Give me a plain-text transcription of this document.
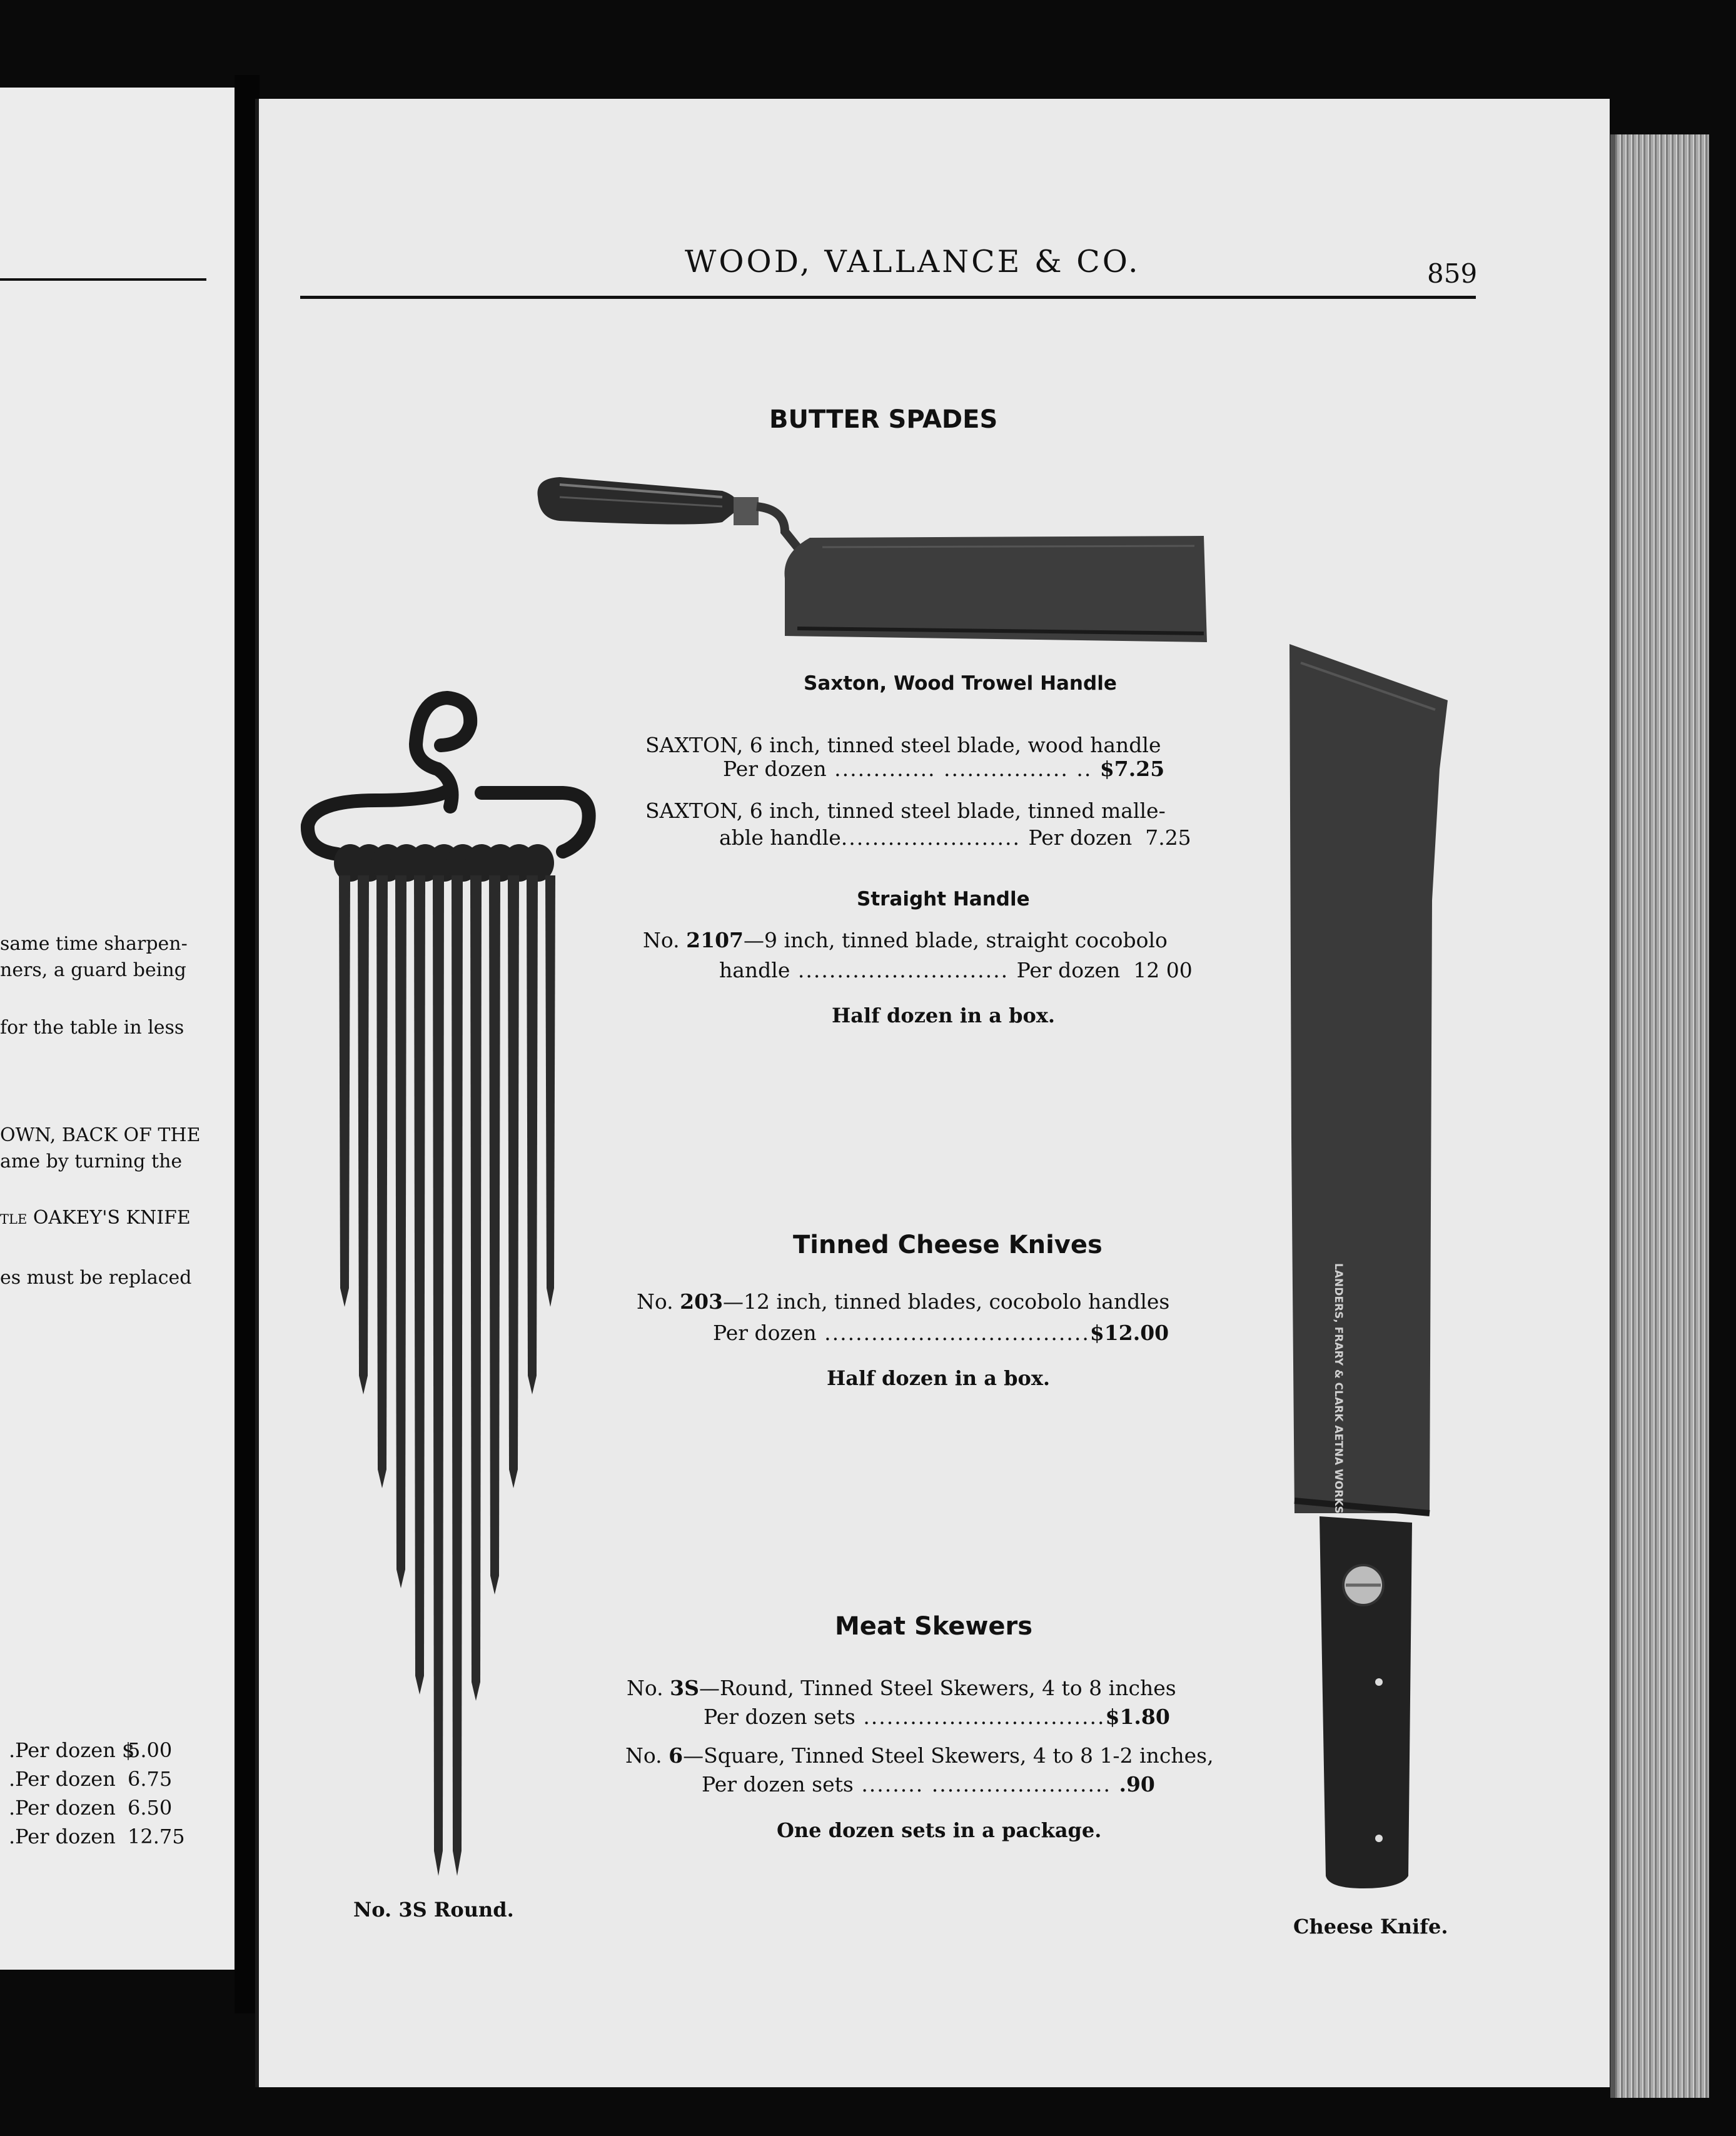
same time sharpen-
ners, a guard being
for the table in less
OWN, BACK OF THE
ame by turning the
tle OAKEY'S KNIFE
es must be replaced
.Per dozen $
5.00
.Per dozen 6.75
.Per dozen 6.50
.Per dozen 12.75
WOOD, VALLANCE & CO.	859
BUTTER SPADES
Saxton, Wood Trowel Handle
SAXTON, 6 inch, tinned steel blade, wood handle
Per dozen ............. ................ .. $7.25
SAXTON, 6 inch, tinned steel blade, tinned malle-
able handle....................... Per dozen 7.25
Straight Handle
No. 2107—9 inch, tinned blade, straight cocobolo
handle ........................... Per dozen 12 00
Half dozen in a box.
Tinned Cheese Knives
No. 203—12 inch, tinned blades, cocobolo handles
Per dozen ..................................$12.00
Half dozen in a box.
Meat Skewers
No. 3S—Round, Tinned Steel Skewers, 4 to 8 inches
Per dozen sets ...............................$1.80
No. 6—Square, Tinned Steel Skewers, 4 to 8 1-2 inches,
Per dozen sets ........ ....................... .90
One dozen sets in a package.
No. 3S Round.
LANDERS, FRARY & CLARK AETNA WORKS
Cheese Knife.
